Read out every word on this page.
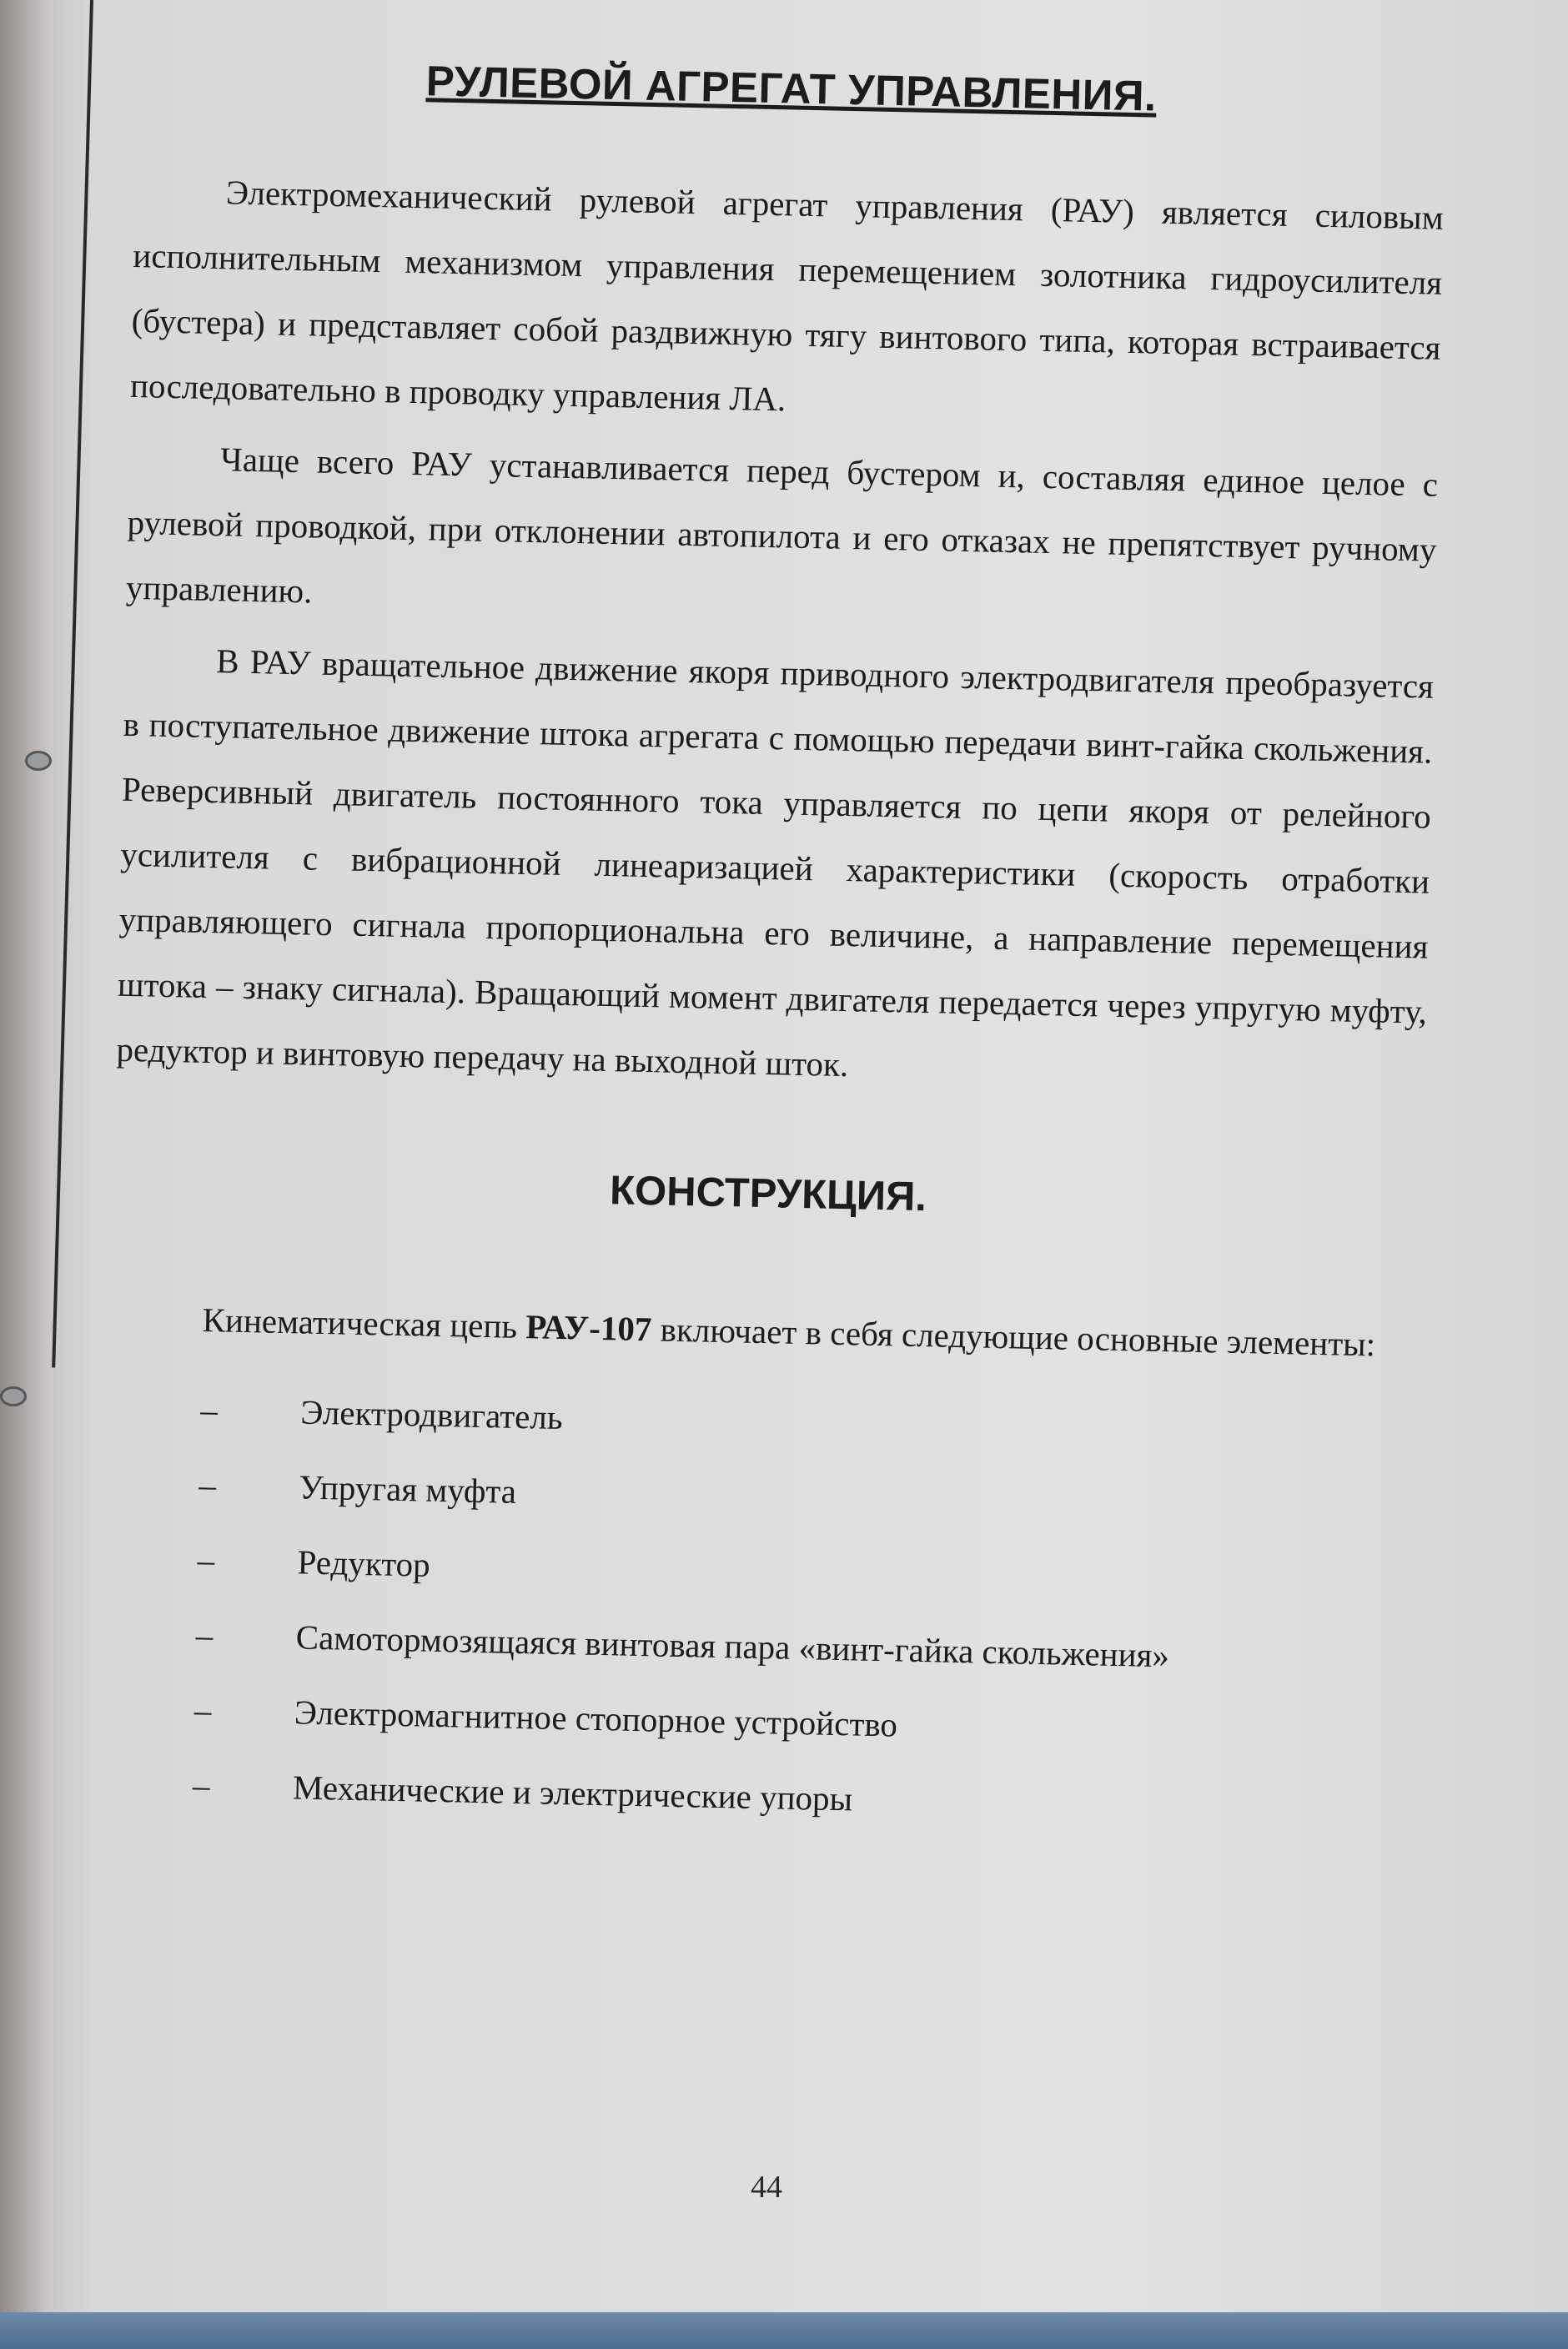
РУЛЕВОЙ АГРЕГАТ УПРАВЛЕНИЯ.

Электромеханический рулевой агрегат управления (РАУ) является силовым исполнительным механизмом управления перемещением золотника гидроусилителя (бустера) и представляет собой раздвижную тягу винтового типа, которая встраивается последовательно в проводку управления ЛА.

Чаще всего РАУ устанавливается перед бустером и, составляя единое целое с рулевой проводкой, при отклонении автопилота и его отказах не препятствует ручному управлению.

В РАУ вращательное движение якоря приводного электродвигателя преобразуется в поступательное движение штока агрегата с помощью передачи винт-гайка скольжения. Реверсивный двигатель постоянного тока управляется по цепи якоря от релейного усилителя с вибрационной линеаризацией характеристики (скорость отработки управляющего сигнала пропорциональна его величине, а направление перемещения штока – знаку сигнала). Вращающий момент двигателя передается через упругую муфту, редуктор и винтовую передачу на выходной шток.

КОНСТРУКЦИЯ.

Кинематическая цепь РАУ-107 включает в себя следующие основные элементы:

–	Электродвигатель
–	Упругая муфта
–	Редуктор
–	Самотормозящаяся винтовая пара «винт-гайка скольжения»
–	Электромагнитное стопорное устройство
–	Механические и электрические упоры
44
